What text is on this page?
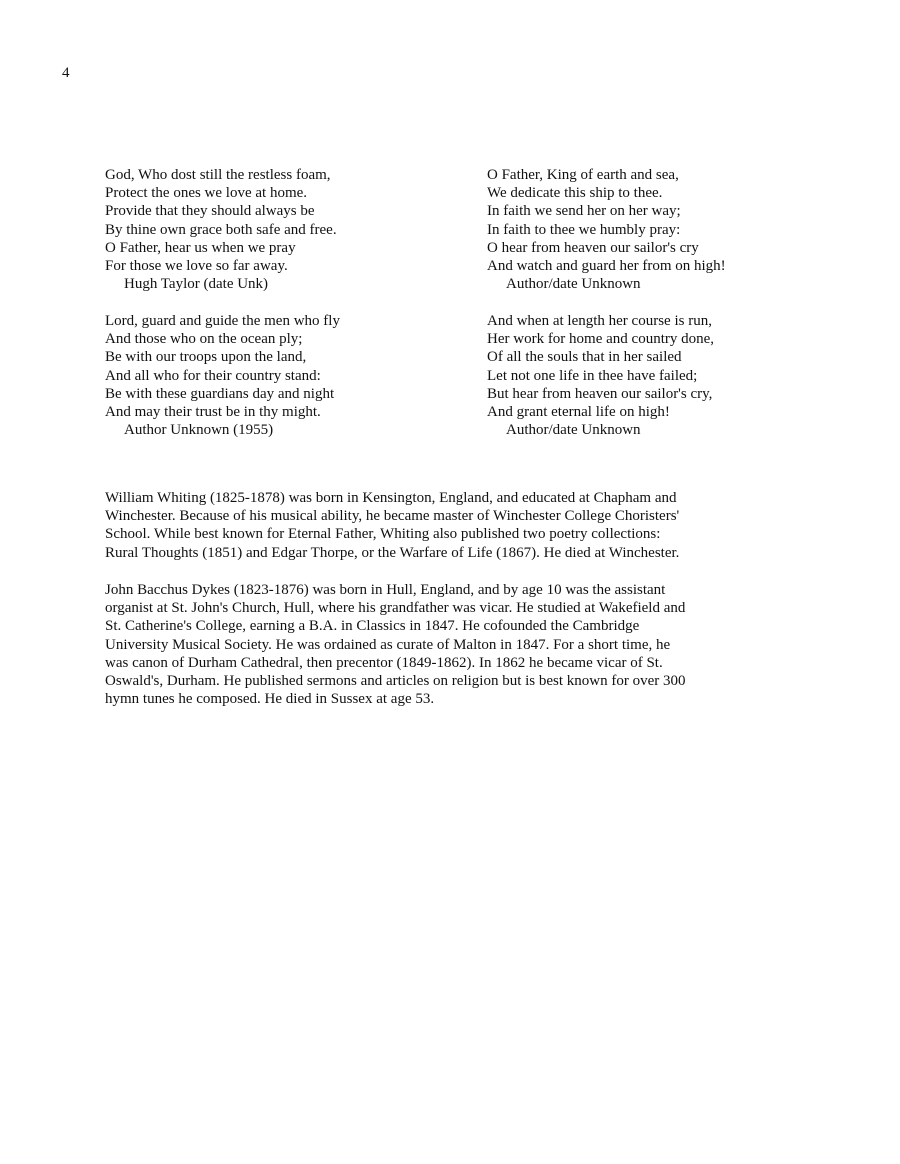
4
God, Who dost still the restless foam,
Protect the ones we love at home.
Provide that they should always be
By thine own grace both safe and free.
O Father, hear us when we pray
For those we love so far away.
Hugh Taylor (date Unk)
Lord, guard and guide the men who fly
And those who on the ocean ply;
Be with our troops upon the land,
And all who for their country stand:
Be with these guardians day and night
And may their trust be in thy might.
Author Unknown (1955)
O Father, King of earth and sea,
We dedicate this ship to thee.
In faith we send her on her way;
In faith to thee we humbly pray:
O hear from heaven our sailor's cry
And watch and guard her from on high!
Author/date Unknown
And when at length her course is run,
Her work for home and country done,
Of all the souls that in her sailed
Let not one life in thee have failed;
But hear from heaven our sailor's cry,
And grant eternal life on high!
Author/date Unknown
William Whiting (1825-1878) was born in Kensington, England, and educated at Chapham and
Winchester. Because of his musical ability, he became master of Winchester College Choristers'
School. While best known for Eternal Father, Whiting also published two poetry collections:
Rural Thoughts (1851) and Edgar Thorpe, or the Warfare of Life (1867). He died at Winchester.
John Bacchus Dykes (1823-1876) was born in Hull, England, and by age 10 was the assistant
organist at St. John's Church, Hull, where his grandfather was vicar. He studied at Wakefield and
St. Catherine's College, earning a B.A. in Classics in 1847. He cofounded the Cambridge
University Musical Society. He was ordained as curate of Malton in 1847. For a short time, he
was canon of Durham Cathedral, then precentor (1849-1862). In 1862 he became vicar of St.
Oswald's, Durham. He published sermons and articles on religion but is best known for over 300
hymn tunes he composed. He died in Sussex at age 53.
